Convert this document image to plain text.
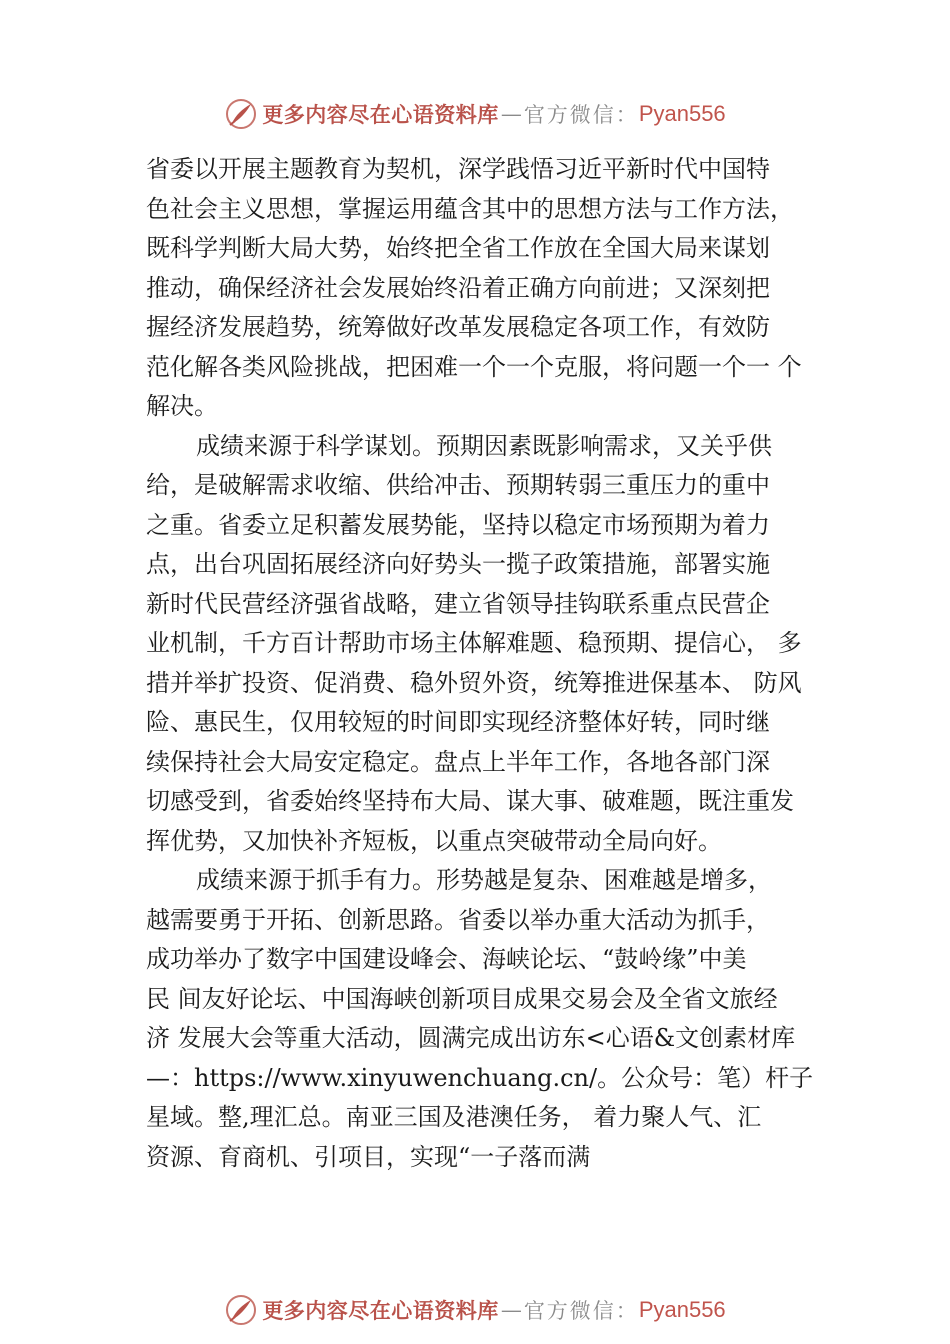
更多内容尽在心语资料库 — 官方微信： Pyan556
省委以开展主题教育为契机，深学践悟习近平新时代中国特
色社会主义思想，掌握运用蕴含其中的思想方法与工作方法，
既科学判断大局大势，始终把全省工作放在全国大局来谋划
推动，确保经济社会发展始终沿着正确方向前进；又深刻把
握经济发展趋势，统筹做好改革发展稳定各项工作，有效防
范化解各类风险挑战，把困难一个一个克服，将问题一个一 个
解决。
成绩来源于科学谋划。预期因素既影响需求，又关乎供
给，是破解需求收缩、供给冲击、预期转弱三重压力的重中
之重。省委立足积蓄发展势能，坚持以稳定市场预期为着力
点，出台巩固拓展经济向好势头一揽子政策措施，部署实施
新时代民营经济强省战略，建立省领导挂钩联系重点民营企
业机制，千方百计帮助市场主体解难题、稳预期、提信心， 多
措并举扩投资、促消费、稳外贸外资，统筹推进保基本、 防风
险、惠民生，仅用较短的时间即实现经济整体好转，同时继
续保持社会大局安定稳定。盘点上半年工作，各地各部门深
切感受到，省委始终坚持布大局、谋大事、破难题，既注重发
挥优势，又加快补齐短板，以重点突破带动全局向好。
成绩来源于抓手有力。形势越是复杂、困难越是增多，
越需要勇于开拓、创新思路。省委以举办重大活动为抓手，
成功举办了数字中国建设峰会、海峡论坛、“鼓岭缘”中美
民 间友好论坛、中国海峡创新项目成果交易会及全省文旅经
济 发展大会等重大活动，圆满完成出访东<心语&文创素材库
—：https://www.xinyuwenchuang.cn/。公众号：笔）杆子
星域。整,理汇总。南亚三国及港澳任务， 着力聚人气、汇
资源、育商机、引项目，实现“一子落而满
更多内容尽在心语资料库 — 官方微信： Pyan556
